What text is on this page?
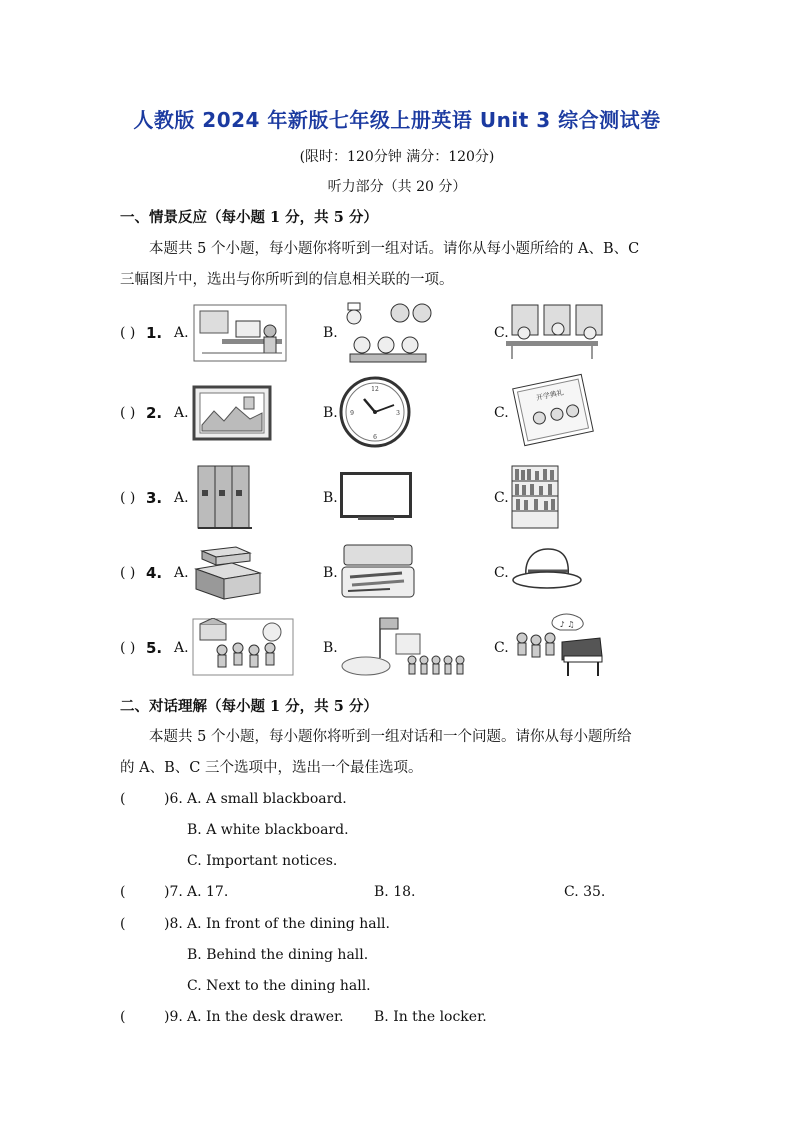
人教版 2024 年新版七年级上册英语 Unit 3 综合测试卷
(限时：120分钟 满分：120分)
听力部分（共 20 分）
一、情景反应（每小题 1 分，共 5 分）
本题共 5 个小题，每小题你将听到一组对话。请你从每小题所给的 A、B、C
三幅图片中，选出与你所听到的信息相关联的一项。
( ) 1. A.	B.	C.
( ) 2. A.	B.	C.
12
3
6
9
开学典礼
( ) 3. A.	B.	C.
( ) 4. A.	B.	C.
( ) 5. A.	B.	C.
♪ ♫
二、对话理解（每小题 1 分，共 5 分）
本题共 5 个小题，每小题你将听到一组对话和一个问题。请你从每小题所给
的 A、B、C 三个选项中，选出一个最佳选项。
(	)6. A. A small blackboard.
B. A white blackboard.
C. Important notices.
(	)7. A. 17.	B. 18.	C. 35.
(	)8. A. In front of the dining hall.
B. Behind the dining hall.
C. Next to the dining hall.
(	)9. A. In the desk drawer. B. In the locker.
